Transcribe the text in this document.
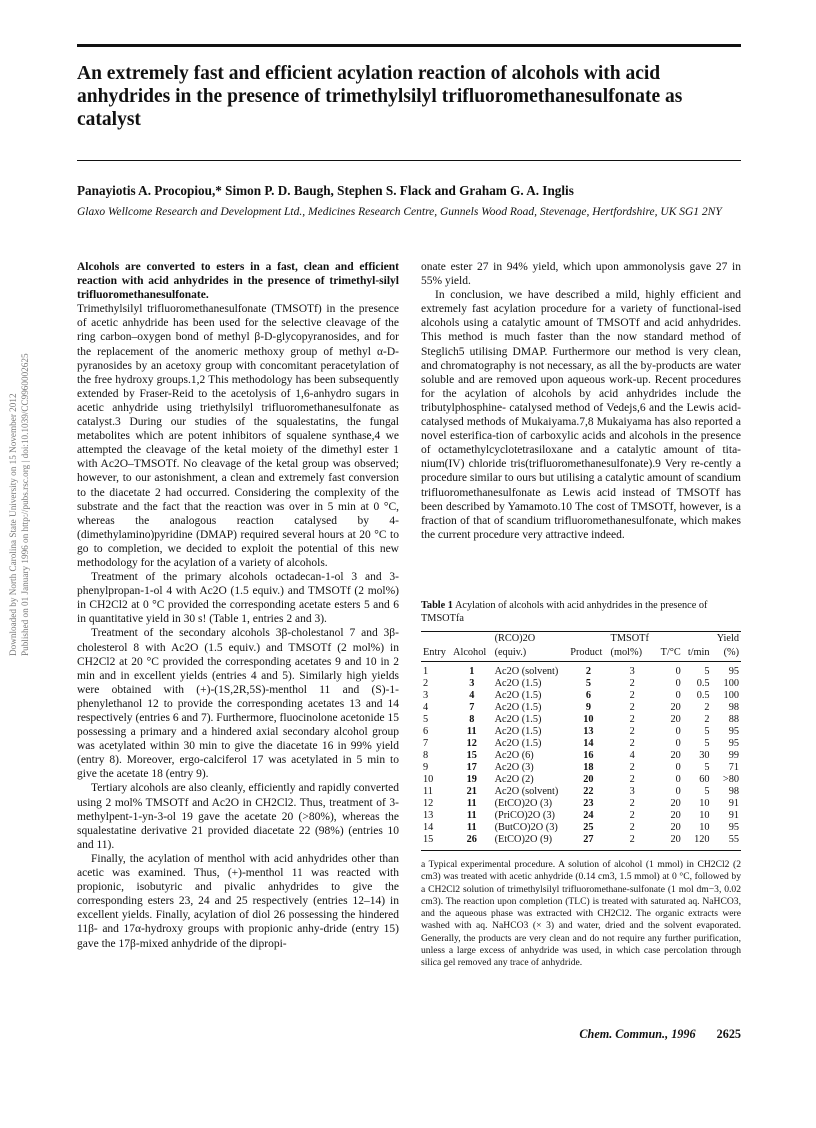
Downloaded by North Carolina State University on 15 November 2012 Published on 01 January 1996 on http://pubs.rsc.org | doi:10.1039/CC9960002625
An extremely fast and efficient acylation reaction of alcohols with acid anhydrides in the presence of trimethylsilyl trifluoromethanesulfonate as catalyst
Panayiotis A. Procopiou,* Simon P. D. Baugh, Stephen S. Flack and Graham G. A. Inglis
Glaxo Wellcome Research and Development Ltd., Medicines Research Centre, Gunnels Wood Road, Stevenage, Hertfordshire, UK SG1 2NY

Alcohols are converted to esters in a fast, clean and efficient reaction with acid anhydrides in the presence of trimethyl-silyl trifluoromethanesulfonate.

Trimethylsilyl trifluoromethanesulfonate (TMSOTf) in the presence of acetic anhydride has been used for the selective cleavage of the ring carbon–oxygen bond of methyl β-D-glycopyranosides, and for the replacement of the anomeric methoxy group of methyl α-D-pyranosides by an acetoxy group with concomitant peracetylation of the free hydroxy groups.1,2 This methodology has been subsequently extended by Fraser-Reid to the acetolysis of 1,6-anhydro sugars in acetic anhydride using triethylsilyl trifluoromethanesulfonate as catalyst.3 During our studies of the squalestatins, the fungal metabolites which are potent inhibitors of squalene synthase,4 we attempted the cleavage of the ketal moiety of the dimethyl ester 1 with Ac2O–TMSOTf. No cleavage of the ketal group was observed; however, to our astonishment, a clean and extremely fast conversion to the diacetate 2 had occurred. Considering the complexity of the substrate and the fact that the reaction was over in 5 min at 0 °C, whereas the analogous reaction catalysed by 4-(dimethylamino)pyridine (DMAP) required several hours at 20 °C to go to completion, we decided to exploit the potential of this new methodology for the acylation of a variety of alcohols.

Treatment of the primary alcohols octadecan-1-ol 3 and 3-phenylpropan-1-ol 4 with Ac2O (1.5 equiv.) and TMSOTf (2 mol%) in CH2Cl2 at 0 °C provided the corresponding acetate esters 5 and 6 in quantitative yield in 30 s! (Table 1, entries 2 and 3).

Treatment of the secondary alcohols 3β-cholestanol 7 and 3β-cholesterol 8 with Ac2O (1.5 equiv.) and TMSOTf (2 mol%) in CH2Cl2 at 20 °C provided the corresponding acetates 9 and 10 in 2 min and in excellent yields (entries 4 and 5). Similarly high yields were obtained with (+)-(1S,2R,5S)-menthol 11 and (S)-1-phenylethanol 12 to provide the corresponding acetates 13 and 14 respectively (entries 6 and 7). Furthermore, fluocinolone acetonide 15 possessing a primary and a hindered axial secondary alcohol group was acetylated within 30 min to give the diacetate 16 in 99% yield (entry 8). Moreover, ergo-calciferol 17 was acetylated in 5 min to give the acetate 18 (entry 9).

Tertiary alcohols are also cleanly, efficiently and rapidly converted using 2 mol% TMSOTf and Ac2O in CH2Cl2. Thus, treatment of 3-methylpent-1-yn-3-ol 19 gave the acetate 20 (>80%), whereas the squalestatine derivative 21 provided diacetate 22 (98%) (entries 10 and 11).

Finally, the acylation of menthol with acid anhydrides other than acetic was examined. Thus, (+)-menthol 11 was reacted with propionic, isobutyric and pivalic anhydrides to give the corresponding esters 23, 24 and 25 respectively (entries 12–14) in excellent yields. Finally, acylation of diol 26 possessing the hindered 11β- and 17α-hydroxy groups with propionic anhy-dride (entry 15) gave the 17β-mixed anhydride of the dipropi-

onate ester 27 in 94% yield, which upon ammonolysis gave 27 in 55% yield.

In conclusion, we have described a mild, highly efficient and extremely fast acylation procedure for a variety of functional-ised alcohols using a catalytic amount of TMSOTf and acid anhydrides. This method is much faster than the now standard method of Steglich5 utilising DMAP. Furthermore our method is very clean, and chromatography is not necessary, as all the by-products are water soluble and are removed upon aqueous work-up. Recent procedures for the acylation of alcohols by acid anhydrides include the tributylphosphine- catalysed method of Vedejs,6 and the Lewis acid-catalysed methods of Mukaiyama.7,8 Mukaiyama has also reported a novel esterifica-tion of carboxylic acids and alcohols in the presence of octamethylcyclotetrasiloxane and a catalytic amount of tita-nium(IV) chloride tris(trifluoromethanesulfonate).9 Very re-cently a procedure similar to ours but utilising a catalytic amount of scandium trifluoromethanesulfonate as Lewis acid instead of TMSOTf has been described by Yamamoto.10 The cost of TMSOTf, however, is a fraction of that of scandium trifluoromethanesulfonate, which makes the current procedure very attractive indeed.

Table 1 Acylation of alcohols with acid anhydrides in the presence of TMSOTfa
		(RCO)2O		TMSOTf			Yield
Entry	Alcohol	(equiv.)	Product	(mol%)	T/°C	t/min	(%)
1	1	Ac2O (solvent)	2	3	0	5	95
2	3	Ac2O (1.5)	5	2	0	0.5	100
3	4	Ac2O (1.5)	6	2	0	0.5	100
4	7	Ac2O (1.5)	9	2	20	2	98
5	8	Ac2O (1.5)	10	2	20	2	88
6	11	Ac2O (1.5)	13	2	0	5	95
7	12	Ac2O (1.5)	14	2	0	5	95
8	15	Ac2O (6)	16	4	20	30	99
9	17	Ac2O (3)	18	2	0	5	71
10	19	Ac2O (2)	20	2	0	60	>80
11	21	Ac2O (solvent)	22	3	0	5	98
12	11	(EtCO)2O (3)	23	2	20	10	91
13	11	(PriCO)2O (3)	24	2	20	10	91
14	11	(ButCO)2O (3)	25	2	20	10	95
15	26	(EtCO)2O (9)	27	2	20	120	55
a Typical experimental procedure. A solution of alcohol (1 mmol) in CH2Cl2 (2 cm3) was treated with acetic anhydride (0.14 cm3, 1.5 mmol) at 0 °C, followed by a CH2Cl2 solution of trimethylsilyl trifluoromethane-sulfonate (1 mol dm−3, 0.02 cm3). The reaction upon completion (TLC) is treated with saturated aq. NaHCO3, and the aqueous phase was extracted with CH2Cl2. The organic extracts were washed with aq. NaHCO3 (× 3) and water, dried and the solvent evaporated. Generally, the products are very clean and do not require any further purification, unless a large excess of anhydride was used, in which case percolation through silica gel removed any trace of anhydride.
Chem. Commun., 1996 2625
